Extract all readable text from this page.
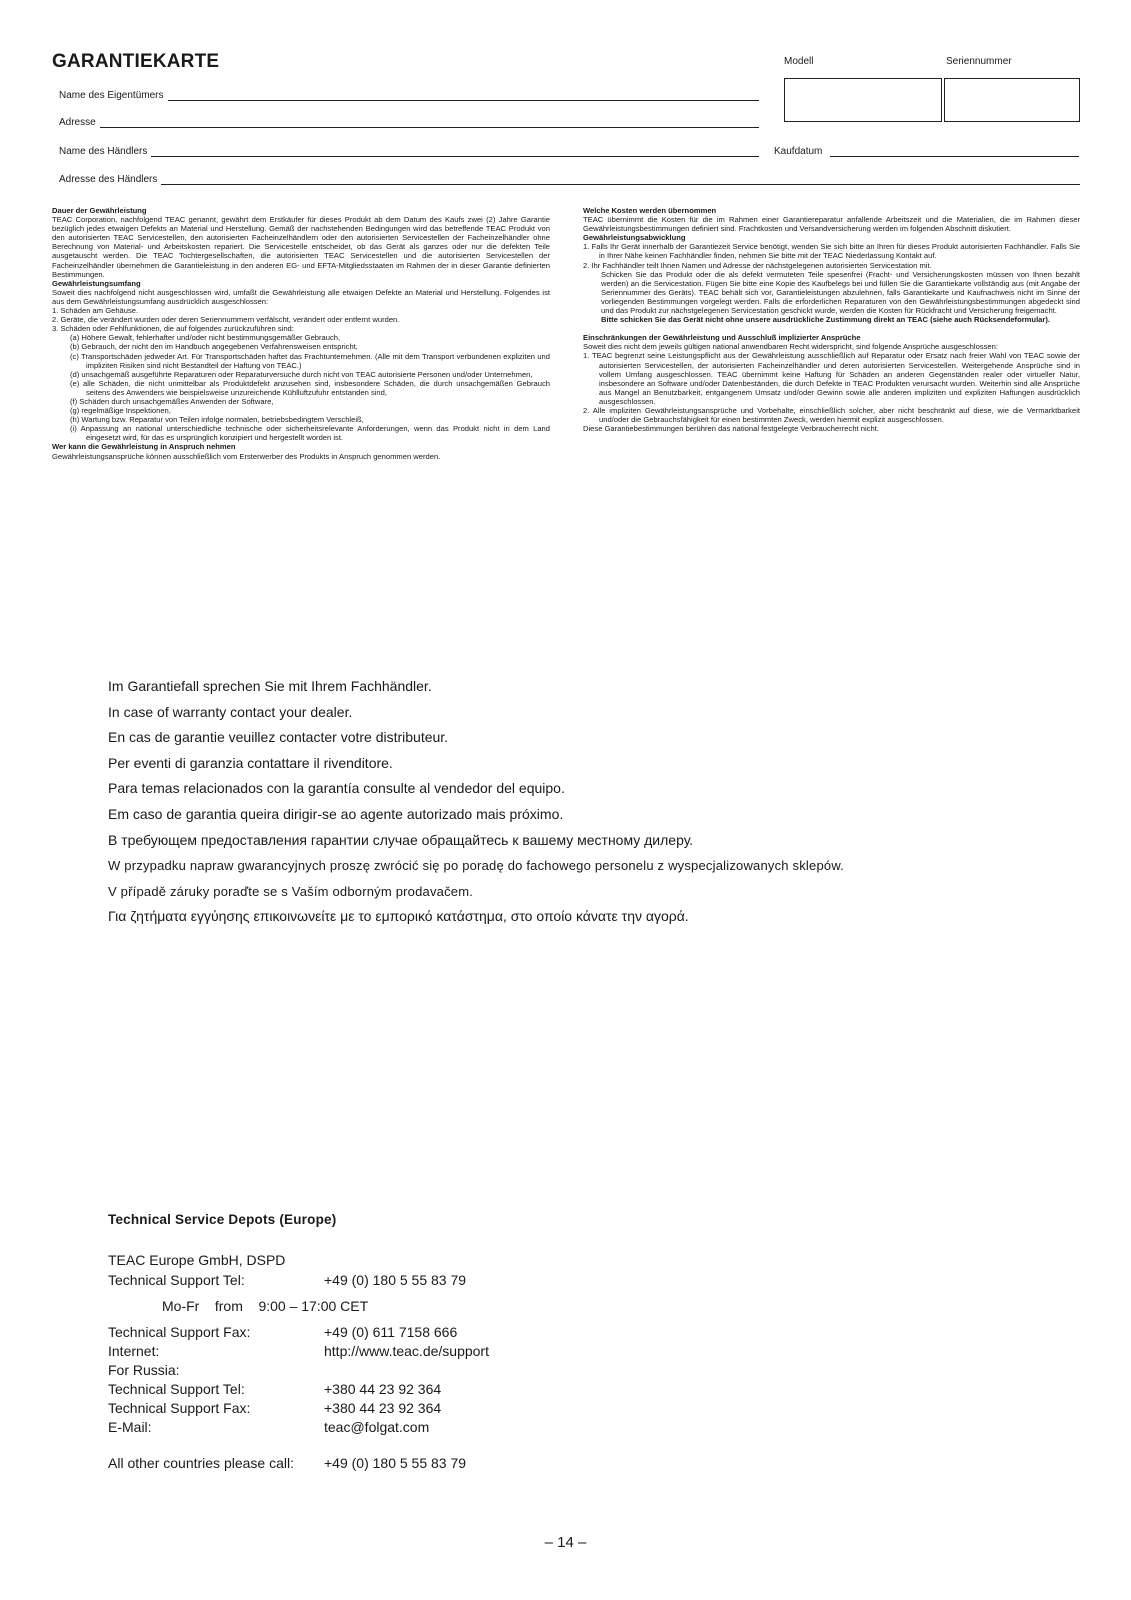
GARANTIEKARTE	Modell	Seriennummer
Name des Eigentümers
Adresse
Name des Händlers	Kaufdatum
Adresse des Händlers
Dauer der Gewährleistung
TEAC Corporation, nachfolgend TEAC genannt, gewährt dem Erstkäufer für dieses Produkt ab dem Datum des Kaufs zwei (2) Jahre Garantie bezüglich jedes etwaigen Defekts an Material und Herstellung. Gemäß der nachstehenden Bedingungen wird das betreffende TEAC Produkt von den autorisierten TEAC Servicestellen, den autorisierten Facheinzelhändlern oder den autorisierten Servicestellen der Facheinzelhändler ohne Berechnung von Material- und Arbeitskosten repariert. Die Servicestelle entscheidet, ob das Gerät als ganzes oder nur die defekten Teile ausgetauscht werden. Die TEAC Tochtergesellschaften, die autorisierten TEAC Servicestellen und die autorisierten Servicestellen der Facheinzelhändler übernehmen die Garantieleistung in den anderen EG- und EFTA-Mitgliedsstaaten im Rahmen der in dieser Garantie definierten Bestimmungen.
Gewährleistungsumfang
Soweit dies nachfolgend nicht ausgeschlossen wird, umfaßt die Gewährleistung alle etwaigen Defekte an Material und Herstellung. Folgendes ist aus dem Gewährleistungsumfang ausdrücklich ausgeschlossen:
1. Schäden am Gehäuse.
2. Geräte, die verändert wurden oder deren Seriennummern verfälscht, verändert oder entfernt wurden.
3. Schäden oder Fehlfunktionen, die auf folgendes zurückzuführen sind:
(a) Höhere Gewalt, fehlerhafter und/oder nicht bestimmungsgemäßer Gebrauch,
(b) Gebrauch, der nicht den im Handbuch angegebenen Verfahrensweisen entspricht,
(c) Transportschäden jedweder Art. Für Transportschäden haftet das Frachtunternehmen. (Alle mit dem Transport verbundenen expliziten und impliziten Risiken sind nicht Bestandteil der Haftung von TEAC.)
(d) unsachgemäß ausgeführte Reparaturen oder Reparaturversuche durch nicht von TEAC autorisierte Personen und/oder Unternehmen,
(e) alle Schäden, die nicht unmittelbar als Produktdefekt anzusehen sind, insbesondere Schäden, die durch unsachgemäßen Gebrauch seitens des Anwenders wie beispielsweise unzureichende Kühlluftzufuhr entstanden sind,
(f) Schäden durch unsachgemäßes Anwenden der Software,
(g) regelmäßige Inspektionen,
(h) Wartung bzw. Reparatur von Teilen infolge normalen, betriebsbedingtem Verschleiß,
(i) Anpassung an national unterschiedliche technische oder sicherheitsrelevante Anforderungen, wenn das Produkt nicht in dem Land eingesetzt wird, für das es ursprünglich konzipiert und hergestellt worden ist.
Wer kann die Gewährleistung in Anspruch nehmen
Gewährleistungsansprüche können ausschließlich vom Ersterwerber des Produkts in Anspruch genommen werden.
Welche Kosten werden übernommen
TEAC übernimmt die Kosten für die im Rahmen einer Garantiereparatur anfallende Arbeitszeit und die Materialien, die im Rahmen dieser Gewährleistungsbestimmungen definiert sind. Frachtkosten und Versandversicherung werden im folgenden Abschnitt diskutiert.
Gewährleistungsabwicklung
1. Falls Ihr Gerät innerhalb der Garantiezeit Service benötigt, wenden Sie sich bitte an Ihren für dieses Produkt autorisierten Fachhändler. Falls Sie in Ihrer Nähe keinen Fachhändler finden, nehmen Sie bitte mit der TEAC Niederlassung Kontakt auf.
2. Ihr Fachhändler teilt Ihnen Namen und Adresse der nächstgelegenen autorisierten Servicestation mit.
Schicken Sie das Produkt oder die als defekt vermuteten Teile spesenfrei (Fracht- und Versicherungskosten müssen von Ihnen bezahlt werden) an die Servicestation. Fügen Sie bitte eine Kopie des Kaufbelegs bei und füllen Sie die Garantiekarte vollständig aus (mit Angabe der Seriennummer des Geräts). TEAC behält sich vor, Garantieleistungen abzulehnen, falls Garantiekarte und Kaufnachweis nicht im Sinne der vorliegenden Bestimmungen vorgelegt werden. Falls die erforderlichen Reparaturen von den Gewährleistungsbestimmungen abgedeckt sind und das Produkt zur nächstgelegenen Servicestation geschickt wurde, werden die Kosten für Rückfracht und Versicherung freigemacht.
Bitte schicken Sie das Gerät nicht ohne unsere ausdrückliche Zustimmung direkt an TEAC (siehe auch Rücksendeformular).
Einschränkungen der Gewährleistung und Ausschluß implizierter Ansprüche
Soweit dies nicht dem jeweils gültigen national anwendbaren Recht widerspricht, sind folgende Ansprüche ausgeschlossen:
1. TEAC begrenzt seine Leistungspflicht aus der Gewährleistung ausschließlich auf Reparatur oder Ersatz nach freier Wahl von TEAC sowie der autorisierten Servicestellen, der autorisierten Facheinzelhändler und deren autorisierten Servicestellen. Weitergehende Ansprüche sind in vollem Umfang ausgeschlossen. TEAC übernimmt keine Haftung für Schäden an anderen Gegenständen realer oder virtueller Natur, insbesondere an Software und/oder Datenbeständen, die durch Defekte in TEAC Produkten verursacht wurden. Weiterhin sind alle Ansprüche aus Mangel an Benutzbarkeit, entgangenem Umsatz und/oder Gewinn sowie alle anderen impliziten und expliziten Haftungen ausdrücklich ausgeschlossen.
2. Alle impliziten Gewährleistungsansprüche und Vorbehalte, einschließlich solcher, aber nicht beschränkt auf diese, wie die Vermarktbarkeit und/oder die Gebrauchsfähigkeit für einen bestimmten Zweck, werden hiermit explizit ausgeschlossen.
Diese Garantiebestimmungen berühren das national festgelegte Verbraucherrecht nicht.
Im Garantiefall sprechen Sie mit Ihrem Fachhändler.
In case of warranty contact your dealer.
En cas de garantie veuillez contacter votre distributeur.
Per eventi di garanzia contattare il rivenditore.
Para temas relacionados con la garantía consulte al vendedor del equipo.
Em caso de garantia queira dirigir-se ao agente autorizado mais próximo.
В требующем предоставления гарантии случае обращайтесь к вашему местному дилеру.
W przypadku napraw gwarancyjnych proszę zwrócić się po poradę do fachowego personelu z wyspecjalizowanych sklepów.
V případě záruky poraďte se s Vaším odborným prodavačem.
Για ζητήματα εγγύησης επικοινωνείτε με το εμπορικό κατάστημα, στο οποίο κάνατε την αγορά.
Technical Service Depots (Europe)
TEAC Europe GmbH, DSPD
Technical Support Tel:	+49 (0) 180 5 55 83 79
Mo-Fr    from    9:00 – 17:00 CET
Technical Support Fax:	+49 (0) 611 7158 666
Internet:	http://www.teac.de/support
For Russia:
Technical Support Tel:	+380 44 23 92 364
Technical Support Fax:	+380 44 23 92 364
E-Mail:	teac@folgat.com
All other countries please call: +49 (0) 180 5 55 83 79
– 14 –
